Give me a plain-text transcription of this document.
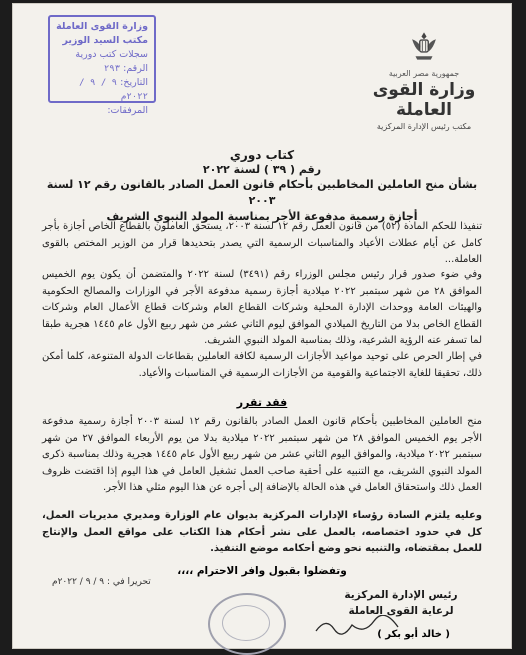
جمهورية مصر العربية
وزارة القوى العاملة
مكتب رئيس الإدارة المركزية
وزارة القوى العاملة
مكتب السيد الوزير
سجلات كتب دورية
الرقم: ٢٩٣
التاريخ: ٩ / ٩ / ٢٠٢٢م
المرفقات:
كتاب دوري
رقم ( ٣٩ ) لسنة ٢٠٢٢
بشأن منح العاملين المخاطبين بأحكام قانون العمل الصادر بالقانون رقم ١٢ لسنة ٢٠٠٣
أجازة رسمية مدفوعة الأجر بمناسبة المولد النبوي الشريف
تنفيذا للحكم المادة (٥٢) من قانون العمل رقم ١٢ لسنة ٢٠٠٣، يستحق العاملون بالقطاع الخاص أجازة بأجر كامل عن أيام عطلات الأعياد والمناسبات الرسمية التي يصدر بتحديدها قرار من الوزير المختص بالقوى العاملة...
وفي ضوء صدور قرار رئيس مجلس الوزراء رقم (٣٤٩١) لسنة ٢٠٢٢ والمتضمن أن يكون يوم الخميس الموافق ٢٨ من شهر سبتمبر ٢٠٢٢ ميلادية أجازة رسمية مدفوعة الأجر في الوزارات والمصالح الحكومية والهيئات العامة ووحدات الإدارة المحلية وشركات القطاع العام وشركات قطاع الأعمال العام وشركات القطاع الخاص بدلا من التاريخ الميلادي الموافق ليوم الثاني عشر من شهر ربيع الأول عام ١٤٤٥ هجرية طبقا لما تسفر عنه الرؤية الشرعية، وذلك بمناسبة المولد النبوي الشريف.
في إطار الحرص على توحيد مواعيد الأجازات الرسمية لكافة العاملين بقطاعات الدولة المتنوعة، كلما أمكن ذلك، تحقيقا للغاية الاجتماعية والقومية من الأجازات الرسمية في المناسبات والأعياد.
فقد تقرر
منح العاملين المخاطبين بأحكام قانون العمل الصادر بالقانون رقم ١٢ لسنة ٢٠٠٣ أجازة رسمية مدفوعة الأجر يوم الخميس الموافق ٢٨ من شهر سبتمبر ٢٠٢٢ ميلادية بدلا من يوم الأربعاء الموافق ٢٧ من شهر سبتمبر ٢٠٢٢ ميلادية، والموافق اليوم الثاني عشر من شهر ربيع الأول عام ١٤٤٥ هجرية وذلك بمناسبة ذكرى المولد النبوي الشريف، مع التنبيه على أحقية صاحب العمل تشغيل العامل في هذا اليوم إذا اقتضت ظروف العمل ذلك واستحقاق العامل في هذه الحالة بالإضافة إلى أجره عن هذا اليوم مثلي هذا الأجر.
وعليه يلتزم السادة رؤساء الإدارات المركزية بديوان عام الوزارة ومديري مديريات العمل، كل في حدود اختصاصه، بالعمل على نشر أحكام هذا الكتاب على مواقع العمل والإنتاج للعمل بمقتضاه، والتنبيه نحو وضع أحكامه موضع التنفيذ.
وتفضلوا بقبول وافر الاحترام ،،،،
تحريرا في : ٩ / ٩ / ٢٠٢٢م
رئيس الإدارة المركزية
لرعاية القوى العاملة
( خالد أبو بكر )
